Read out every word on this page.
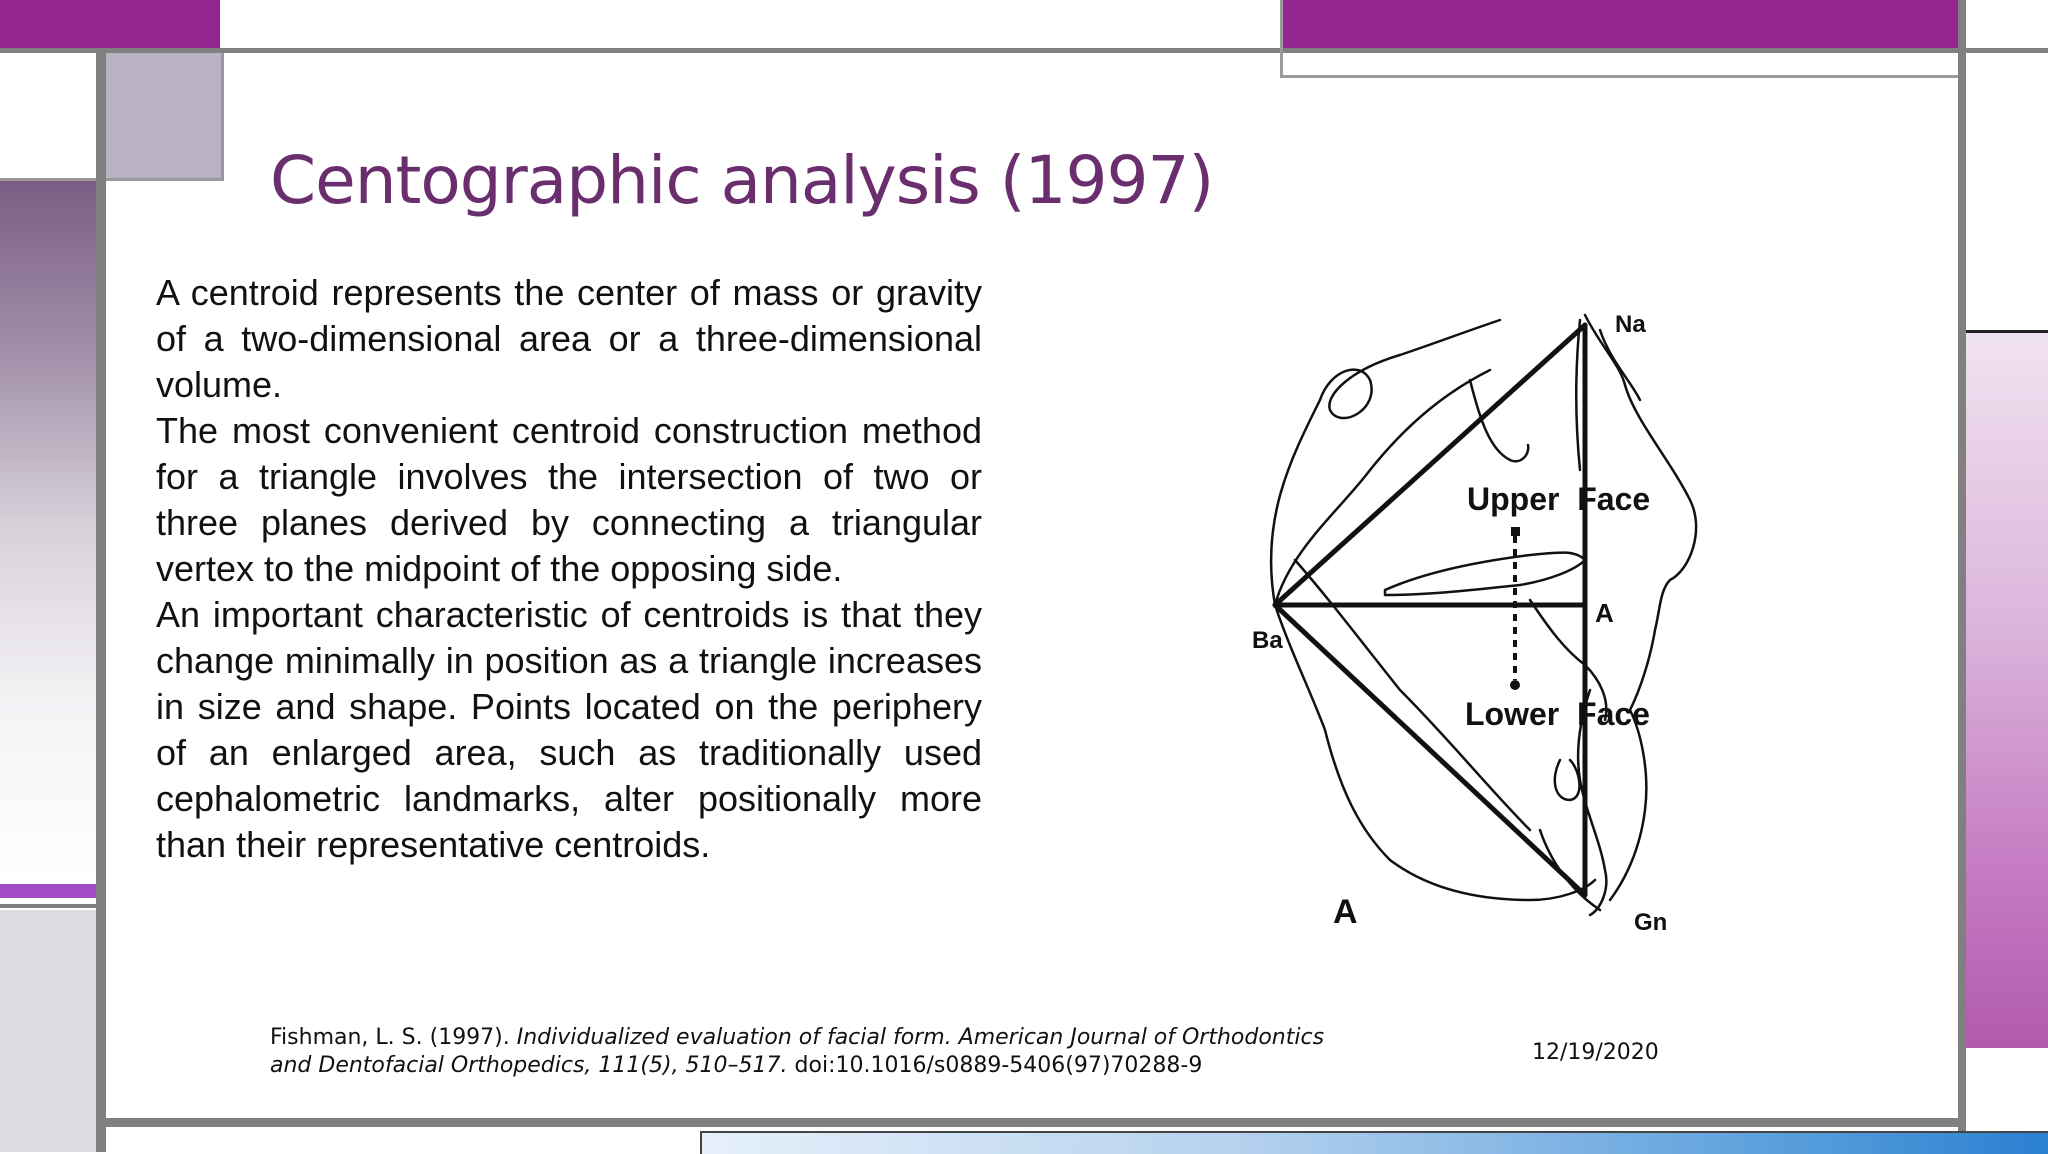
Centographic analysis (1997)

A centroid represents the center of mass or gravity of a two-dimensional area or a three-dimensional volume.

The most convenient centroid construction method for a triangle involves the intersection of two or three planes derived by connecting a triangular vertex to the midpoint of the opposing side.

An important characteristic of centroids is that they change minimally in position as a triangle increases in size and shape. Points located on the periphery of an enlarged area, such as traditionally used cephalometric landmarks, alter positionally more than their representative centroids.

Na
Ba
A
Gn
Upper  Face
Lower  Face
A
Fishman, L. S. (1997). Individualized evaluation of facial form. American Journal of Orthodontics and Dentofacial Orthopedics, 111(5), 510–517. doi:10.1016/s0889-5406(97)70288-9
12/19/2020
